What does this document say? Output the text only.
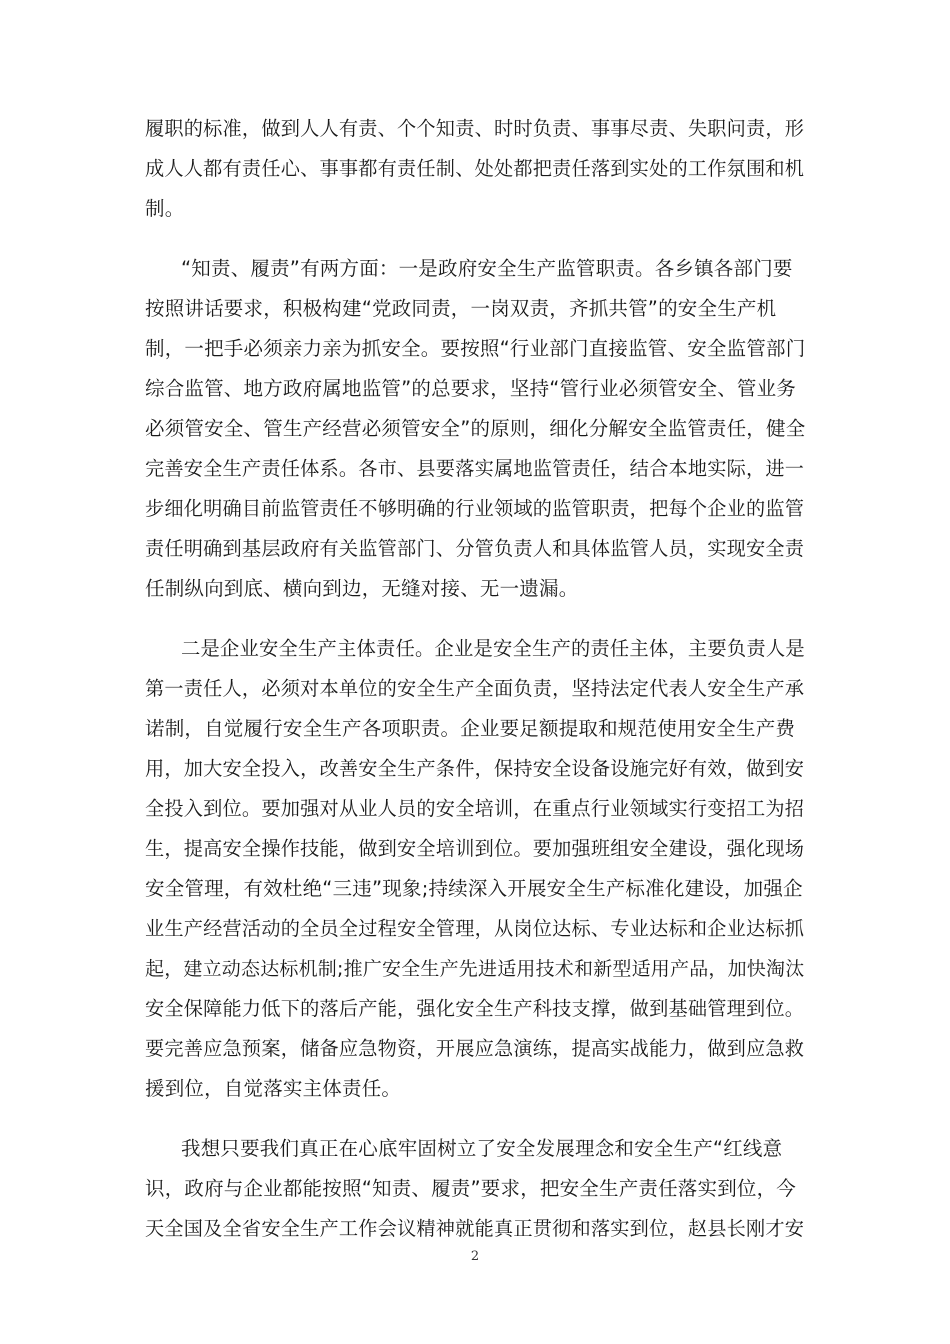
履职的标准，做到人人有责、个个知责、时时负责、事事尽责、失职问责，形
成人人都有责任心、事事都有责任制、处处都把责任落到实处的工作氛围和机
制。
“知责、履责”有两方面：一是政府安全生产监管职责。各乡镇各部门要
按照讲话要求，积极构建“党政同责，一岗双责，齐抓共管”的安全生产机
制，一把手必须亲力亲为抓安全。要按照“行业部门直接监管、安全监管部门
综合监管、地方政府属地监管”的总要求，坚持“管行业必须管安全、管业务
必须管安全、管生产经营必须管安全”的原则，细化分解安全监管责任，健全
完善安全生产责任体系。各市、县要落实属地监管责任，结合本地实际，进一
步细化明确目前监管责任不够明确的行业领域的监管职责，把每个企业的监管
责任明确到基层政府有关监管部门、分管负责人和具体监管人员，实现安全责
任制纵向到底、横向到边，无缝对接、无一遗漏。
二是企业安全生产主体责任。企业是安全生产的责任主体，主要负责人是
第一责任人，必须对本单位的安全生产全面负责，坚持法定代表人安全生产承
诺制，自觉履行安全生产各项职责。企业要足额提取和规范使用安全生产费
用，加大安全投入，改善安全生产条件，保持安全设备设施完好有效，做到安
全投入到位。要加强对从业人员的安全培训，在重点行业领域实行变招工为招
生，提高安全操作技能，做到安全培训到位。要加强班组安全建设，强化现场
安全管理，有效杜绝“三违”现象;持续深入开展安全生产标准化建设，加强企
业生产经营活动的全员全过程安全管理，从岗位达标、专业达标和企业达标抓
起，建立动态达标机制;推广安全生产先进适用技术和新型适用产品，加快淘汰
安全保障能力低下的落后产能，强化安全生产科技支撑，做到基础管理到位。
要完善应急预案，储备应急物资，开展应急演练，提高实战能力，做到应急救
援到位，自觉落实主体责任。
我想只要我们真正在心底牢固树立了安全发展理念和安全生产“红线意
识，政府与企业都能按照“知责、履责”要求，把安全生产责任落实到位，今
天全国及全省安全生产工作会议精神就能真正贯彻和落实到位，赵县长刚才安
2
